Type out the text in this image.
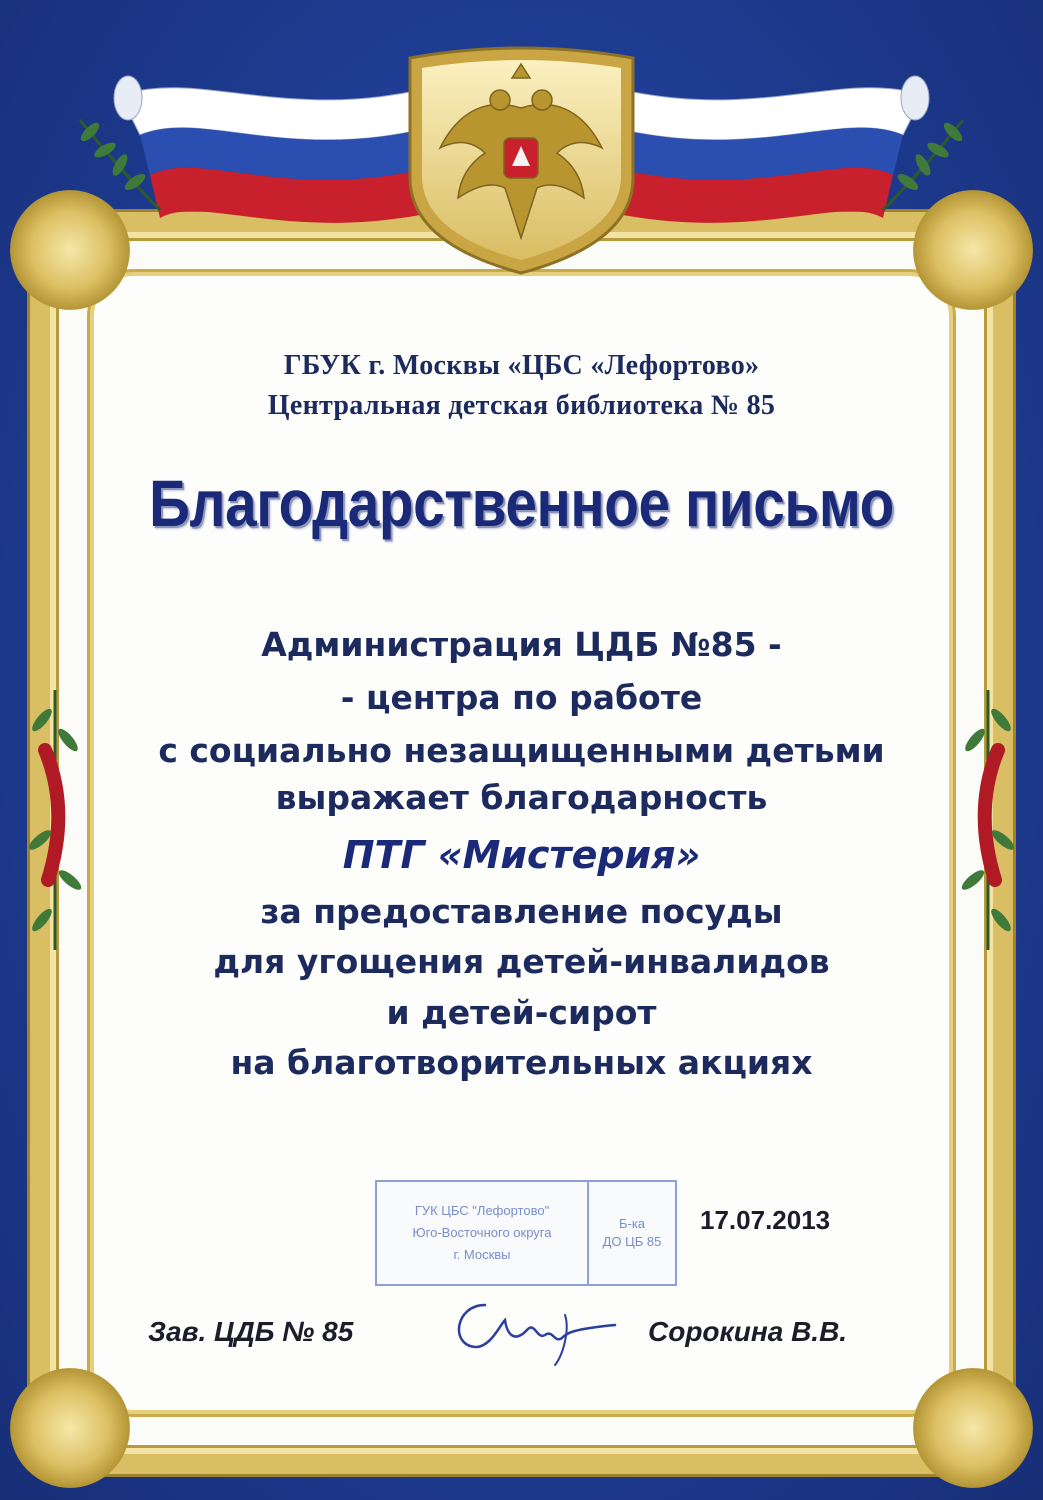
ГБУК г. Москвы «ЦБС «Лефортово»

Центральная детская библиотека № 85

Благодарственное письмо

Администрация ЦДБ №85 -

- центра по работе

с социально незащищенными детьми

выражает благодарность

ПТГ «Мистерия»

за предоставление посуды

для угощения детей-инвалидов

и детей-сирот

на благотворительных акциях

ГУК ЦБС "Лефортово"
Юго-Восточного округа
г. Москвы
Б-ка
ДО ЦБ 85
17.07.2013
Зав. ЦДБ № 85	Сорокина В.В.
